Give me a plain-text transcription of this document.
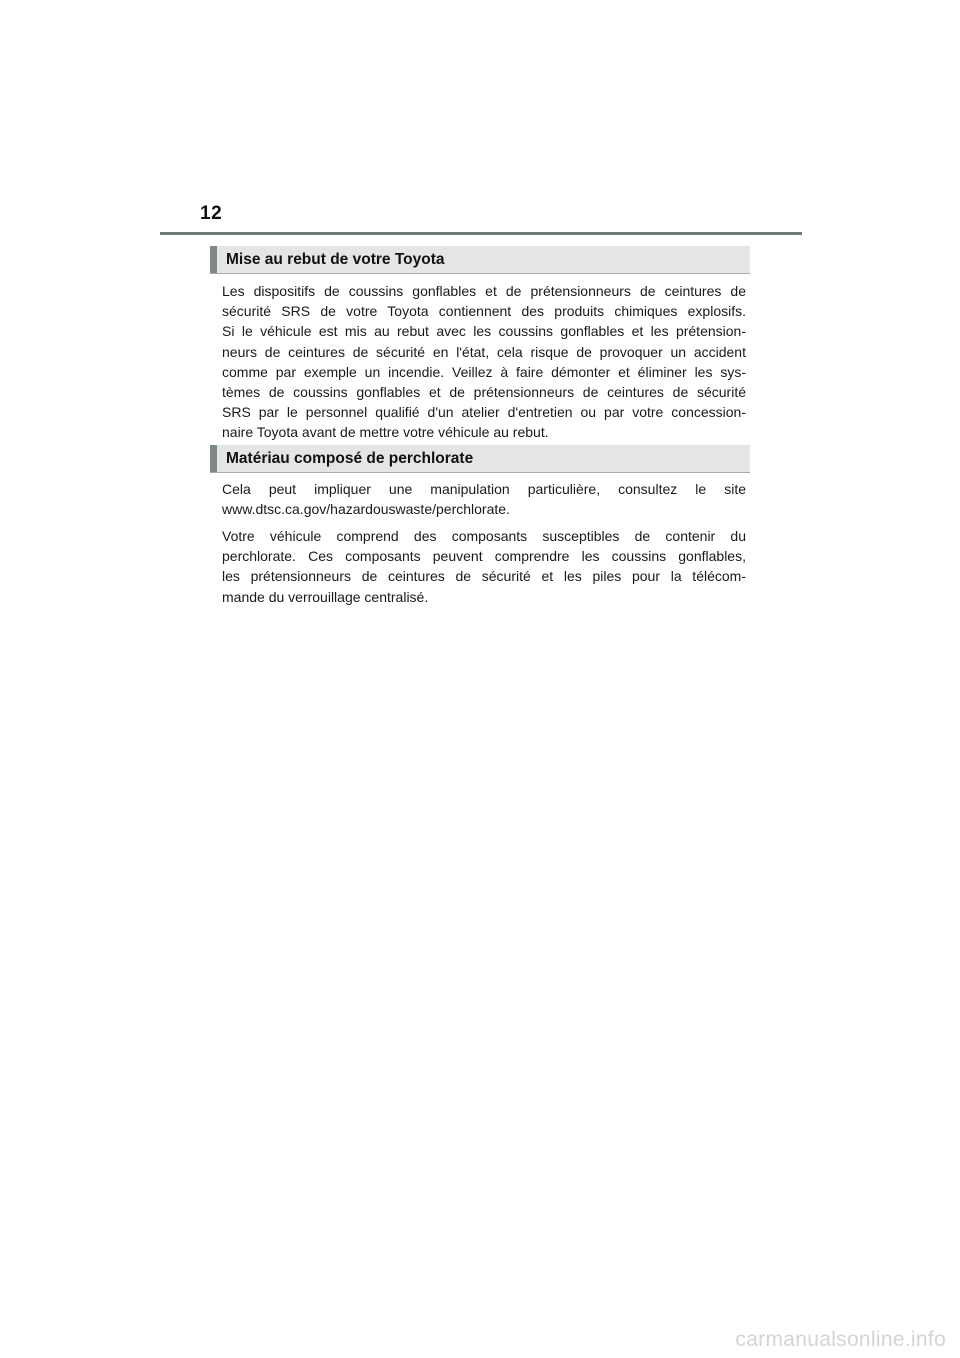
12
Mise au rebut de votre Toyota
Les dispositifs de coussins gonflables et de prétensionneurs de ceintures de
sécurité SRS de votre Toyota contiennent des produits chimiques explosifs.
Si le véhicule est mis au rebut avec les coussins gonflables et les prétension-
neurs de ceintures de sécurité en l'état, cela risque de provoquer un accident
comme par exemple un incendie. Veillez à faire démonter et éliminer les sys-
tèmes de coussins gonflables et de prétensionneurs de ceintures de sécurité
SRS par le personnel qualifié d'un atelier d'entretien ou par votre concession-
naire Toyota avant de mettre votre véhicule au rebut.
Matériau composé de perchlorate
Cela peut impliquer une manipulation particulière, consultez le site
www.dtsc.ca.gov/hazardouswaste/perchlorate.
Votre véhicule comprend des composants susceptibles de contenir du
perchlorate. Ces composants peuvent comprendre les coussins gonflables,
les prétensionneurs de ceintures de sécurité et les piles pour la télécom-
mande du verrouillage centralisé.
carmanualsonline.info
